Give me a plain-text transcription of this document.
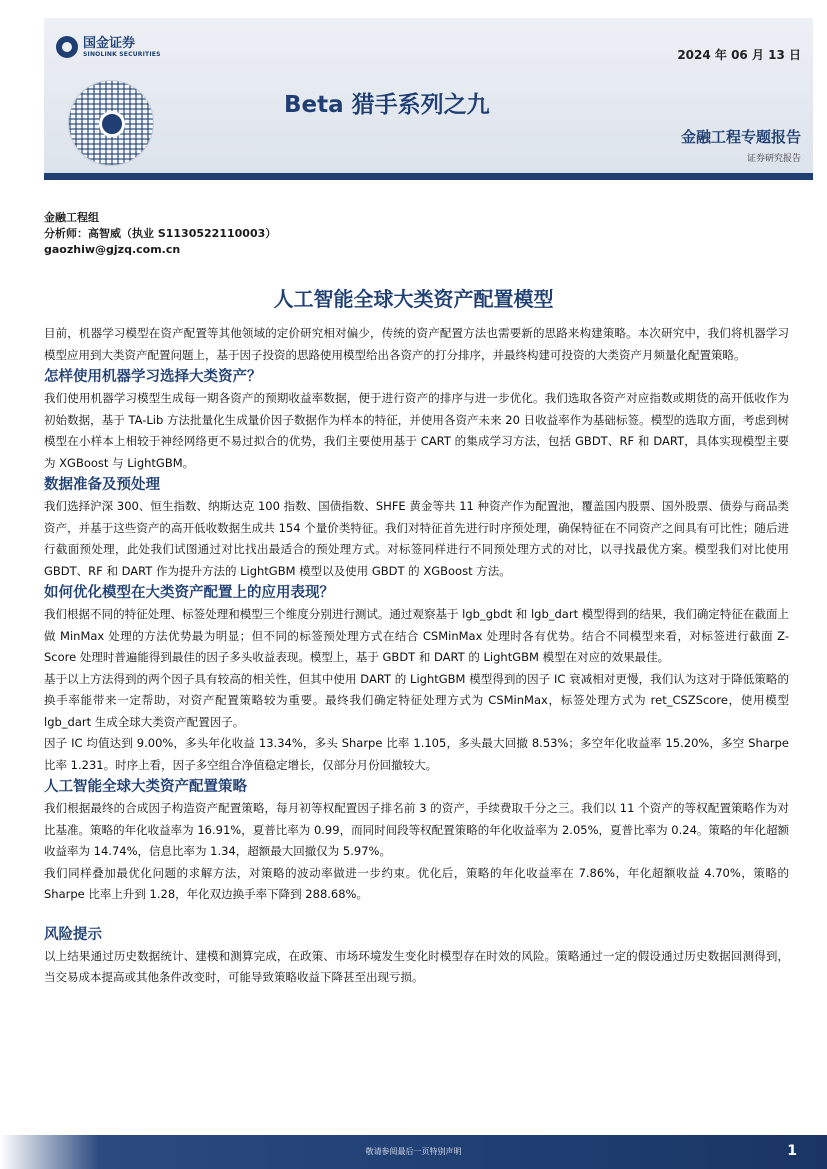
国金证券
SINOLINK SECURITIES	2024 年 06 月 13 日
Beta 猎手系列之九
金融工程专题报告
证券研究报告
金融工程组
分析师：高智威（执业 S1130522110003）
gaozhiw@gjzq.com.cn
人工智能全球大类资产配置模型

目前，机器学习模型在资产配置等其他领域的定价研究相对偏少，传统的资产配置方法也需要新的思路来构建策略。本次研究中，我们将机器学习模型应用到大类资产配置问题上，基于因子投资的思路使用模型给出各资产的打分排序，并最终构建可投资的大类资产月频量化配置策略。

怎样使用机器学习选择大类资产？

我们使用机器学习模型生成每一期各资产的预期收益率数据，便于进行资产的排序与进一步优化。我们选取各资产对应指数或期货的高开低收作为初始数据，基于 TA-Lib 方法批量化生成量价因子数据作为样本的特征，并使用各资产未来 20 日收益率作为基础标签。模型的选取方面，考虑到树模型在小样本上相较于神经网络更不易过拟合的优势，我们主要使用基于 CART 的集成学习方法，包括 GBDT、RF 和 DART，具体实现模型主要为 XGBoost 与 LightGBM。

数据准备及预处理

我们选择沪深 300、恒生指数、纳斯达克 100 指数、国债指数、SHFE 黄金等共 11 种资产作为配置池，覆盖国内股票、国外股票、债券与商品类资产，并基于这些资产的高开低收数据生成共 154 个量价类特征。我们对特征首先进行时序预处理，确保特征在不同资产之间具有可比性；随后进行截面预处理，此处我们试图通过对比找出最适合的预处理方式。对标签同样进行不同预处理方式的对比，以寻找最优方案。模型我们对比使用 GBDT、RF 和 DART 作为提升方法的 LightGBM 模型以及使用 GBDT 的 XGBoost 方法。

如何优化模型在大类资产配置上的应用表现？

我们根据不同的特征处理、标签处理和模型三个维度分别进行测试。通过观察基于 lgb_gbdt 和 lgb_dart 模型得到的结果，我们确定特征在截面上做 MinMax 处理的方法优势最为明显；但不同的标签预处理方式在结合 CSMinMax 处理时各有优势。结合不同模型来看，对标签进行截面 Z-Score 处理时普遍能得到最佳的因子多头收益表现。模型上，基于 GBDT 和 DART 的 LightGBM 模型在对应的效果最佳。

基于以上方法得到的两个因子具有较高的相关性，但其中使用 DART 的 LightGBM 模型得到的因子 IC 衰减相对更慢，我们认为这对于降低策略的换手率能带来一定帮助，对资产配置策略较为重要。最终我们确定特征处理方式为 CSMinMax，标签处理方式为 ret_CSZScore，使用模型 lgb_dart 生成全球大类资产配置因子。

因子 IC 均值达到 9.00%，多头年化收益 13.34%，多头 Sharpe 比率 1.105，多头最大回撤 8.53%；多空年化收益率 15.20%，多空 Sharpe 比率 1.231。时序上看，因子多空组合净值稳定增长，仅部分月份回撤较大。

人工智能全球大类资产配置策略

我们根据最终的合成因子构造资产配置策略，每月初等权配置因子排名前 3 的资产，手续费取千分之三。我们以 11 个资产的等权配置策略作为对比基准。策略的年化收益率为 16.91%，夏普比率为 0.99，而同时间段等权配置策略的年化收益率为 2.05%，夏普比率为 0.24。策略的年化超额收益率为 14.74%，信息比率为 1.34，超额最大回撤仅为 5.97%。

我们同样叠加最优化问题的求解方法，对策略的波动率做进一步约束。优化后，策略的年化收益率在 7.86%，年化超额收益 4.70%，策略的 Sharpe 比率上升到 1.28，年化双边换手率下降到 288.68%。

风险提示

以上结果通过历史数据统计、建模和测算完成，在政策、市场环境发生变化时模型存在时效的风险。策略通过一定的假设通过历史数据回测得到，当交易成本提高或其他条件改变时，可能导致策略收益下降甚至出现亏损。

敬请参阅最后一页特别声明	1
